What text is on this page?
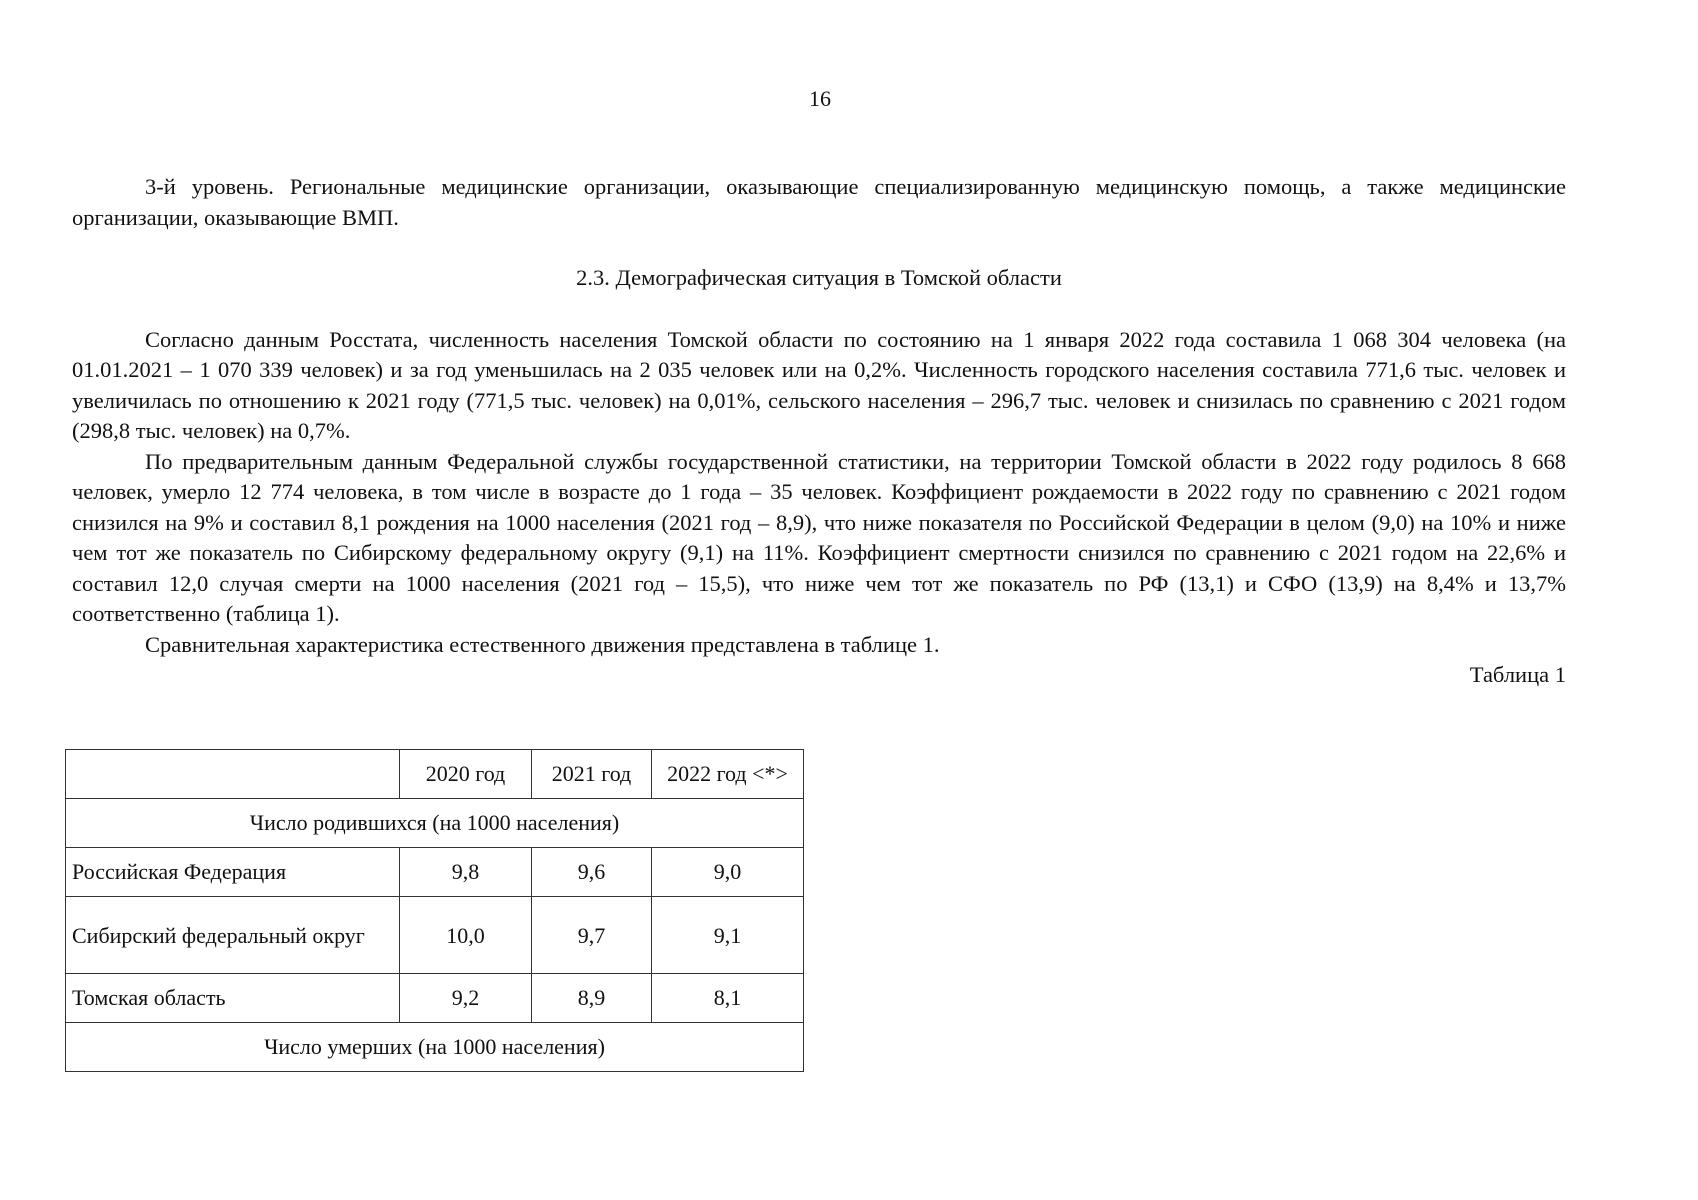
16

3-й уровень. Региональные медицинские организации, оказывающие специализированную медицинскую помощь, а также медицинские организации, оказывающие ВМП.

2.3. Демографическая ситуация в Томской области

Согласно данным Росстата, численность населения Томской области по состоянию на 1 января 2022 года составила 1 068 304 человека (на 01.01.2021 – 1 070 339 человек) и за год уменьшилась на 2 035 человек или на 0,2%. Численность городского населения составила 771,6 тыс. человек и увеличилась по отношению к 2021 году (771,5 тыс. человек) на 0,01%, сельского населения – 296,7 тыс. человек и снизилась по сравнению с 2021 годом (298,8 тыс. человек) на 0,7%.

По предварительным данным Федеральной службы государственной статистики, на территории Томской области в 2022 году родилось 8 668 человек, умерло 12 774 человека, в том числе в возрасте до 1 года – 35 человек. Коэффициент рождаемости в 2022 году по сравнению с 2021 годом снизился на 9% и составил 8,1 рождения на 1000 населения (2021 год – 8,9), что ниже показателя по Российской Федерации в целом (9,0) на 10% и ниже чем тот же показатель по Сибирскому федеральному округу (9,1) на 11%. Коэффициент смертности снизился по сравнению с 2021 годом на 22,6% и составил 12,0 случая смерти на 1000 населения (2021 год – 15,5), что ниже чем тот же показатель по РФ (13,1) и СФО (13,9) на 8,4% и 13,7% соответственно (таблица 1).

Сравнительная характеристика естественного движения представлена в таблице 1.

Таблица 1

	2020 год	2021 год	2022 год <*>
Число родившихся (на 1000 населения)			
Российская Федерация	9,8	9,6	9,0
Сибирский федеральный округ	10,0	9,7	9,1
Томская область	9,2	8,9	8,1
Число умерших (на 1000 населения)			
